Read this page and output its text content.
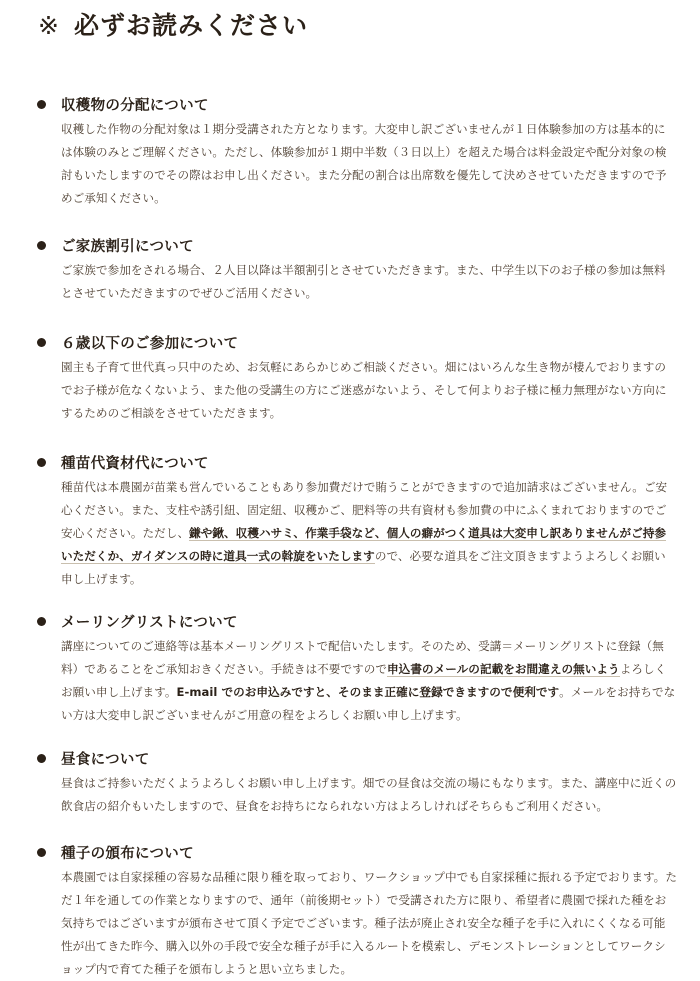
※ 必ずお読みください
収穫物の分配について
収穫した作物の分配対象は１期分受講された方となります。大変申し訳ございませんが１日体験参加の方は基本的には体験のみとご理解ください。ただし、体験参加が１期中半数（３日以上）を超えた場合は料金設定や配分対象の検討もいたしますのでその際はお申し出ください。また分配の割合は出席数を優先して決めさせていただきますので予めご承知ください。
ご家族割引について
ご家族で参加をされる場合、２人目以降は半額割引とさせていただきます。また、中学生以下のお子様の参加は無料とさせていただきますのでぜひご活用ください。
６歳以下のご参加について
園主も子育て世代真っ只中のため、お気軽にあらかじめご相談ください。畑にはいろんな生き物が棲んでおりますのでお子様が危なくないよう、また他の受講生の方にご迷惑がないよう、そして何よりお子様に極力無理がない方向にするためのご相談をさせていただきます。
種苗代資材代について
種苗代は本農園が苗業も営んでいることもあり参加費だけで賄うことができますので追加請求はございません。ご安心ください。また、支柱や誘引紐、固定紐、収穫かご、肥料等の共有資材も参加費の中にふくまれておりますのでご安心ください。ただし、鎌や鍬、収穫ハサミ、作業手袋など、個人の癖がつく道具は大変申し訳ありませんがご持参いただくか、ガイダンスの時に道具一式の斡旋をいたしますので、必要な道具をご注文頂きますようよろしくお願い申し上げます。
メーリングリストについて
講座についてのご連絡等は基本メーリングリストで配信いたします。そのため、受講＝メーリングリストに登録（無料）であることをご承知おきください。手続きは不要ですので申込書のメールの記載をお間違えの無いようよろしくお願い申し上げます。E-mail でのお申込みですと、そのまま正確に登録できますので便利です。メールをお持ちでない方は大変申し訳ございませんがご用意の程をよろしくお願い申し上げます。
昼食について
昼食はご持参いただくようよろしくお願い申し上げます。畑での昼食は交流の場にもなります。また、講座中に近くの飲食店の紹介もいたしますので、昼食をお持ちになられない方はよろしければそちらもご利用ください。
種子の頒布について
本農園では自家採種の容易な品種に限り種を取っており、ワークショップ中でも自家採種に振れる予定でおります。ただ１年を通しての作業となりますので、通年（前後期セット）で受講された方に限り、希望者に農園で採れた種をお気持ちではございますが頒布させて頂く予定でございます。種子法が廃止され安全な種子を手に入れにくくなる可能性が出てきた昨今、購入以外の手段で安全な種子が手に入るルートを模索し、デモンストレーションとしてワークショップ内で育てた種子を頒布しようと思い立ちました。
